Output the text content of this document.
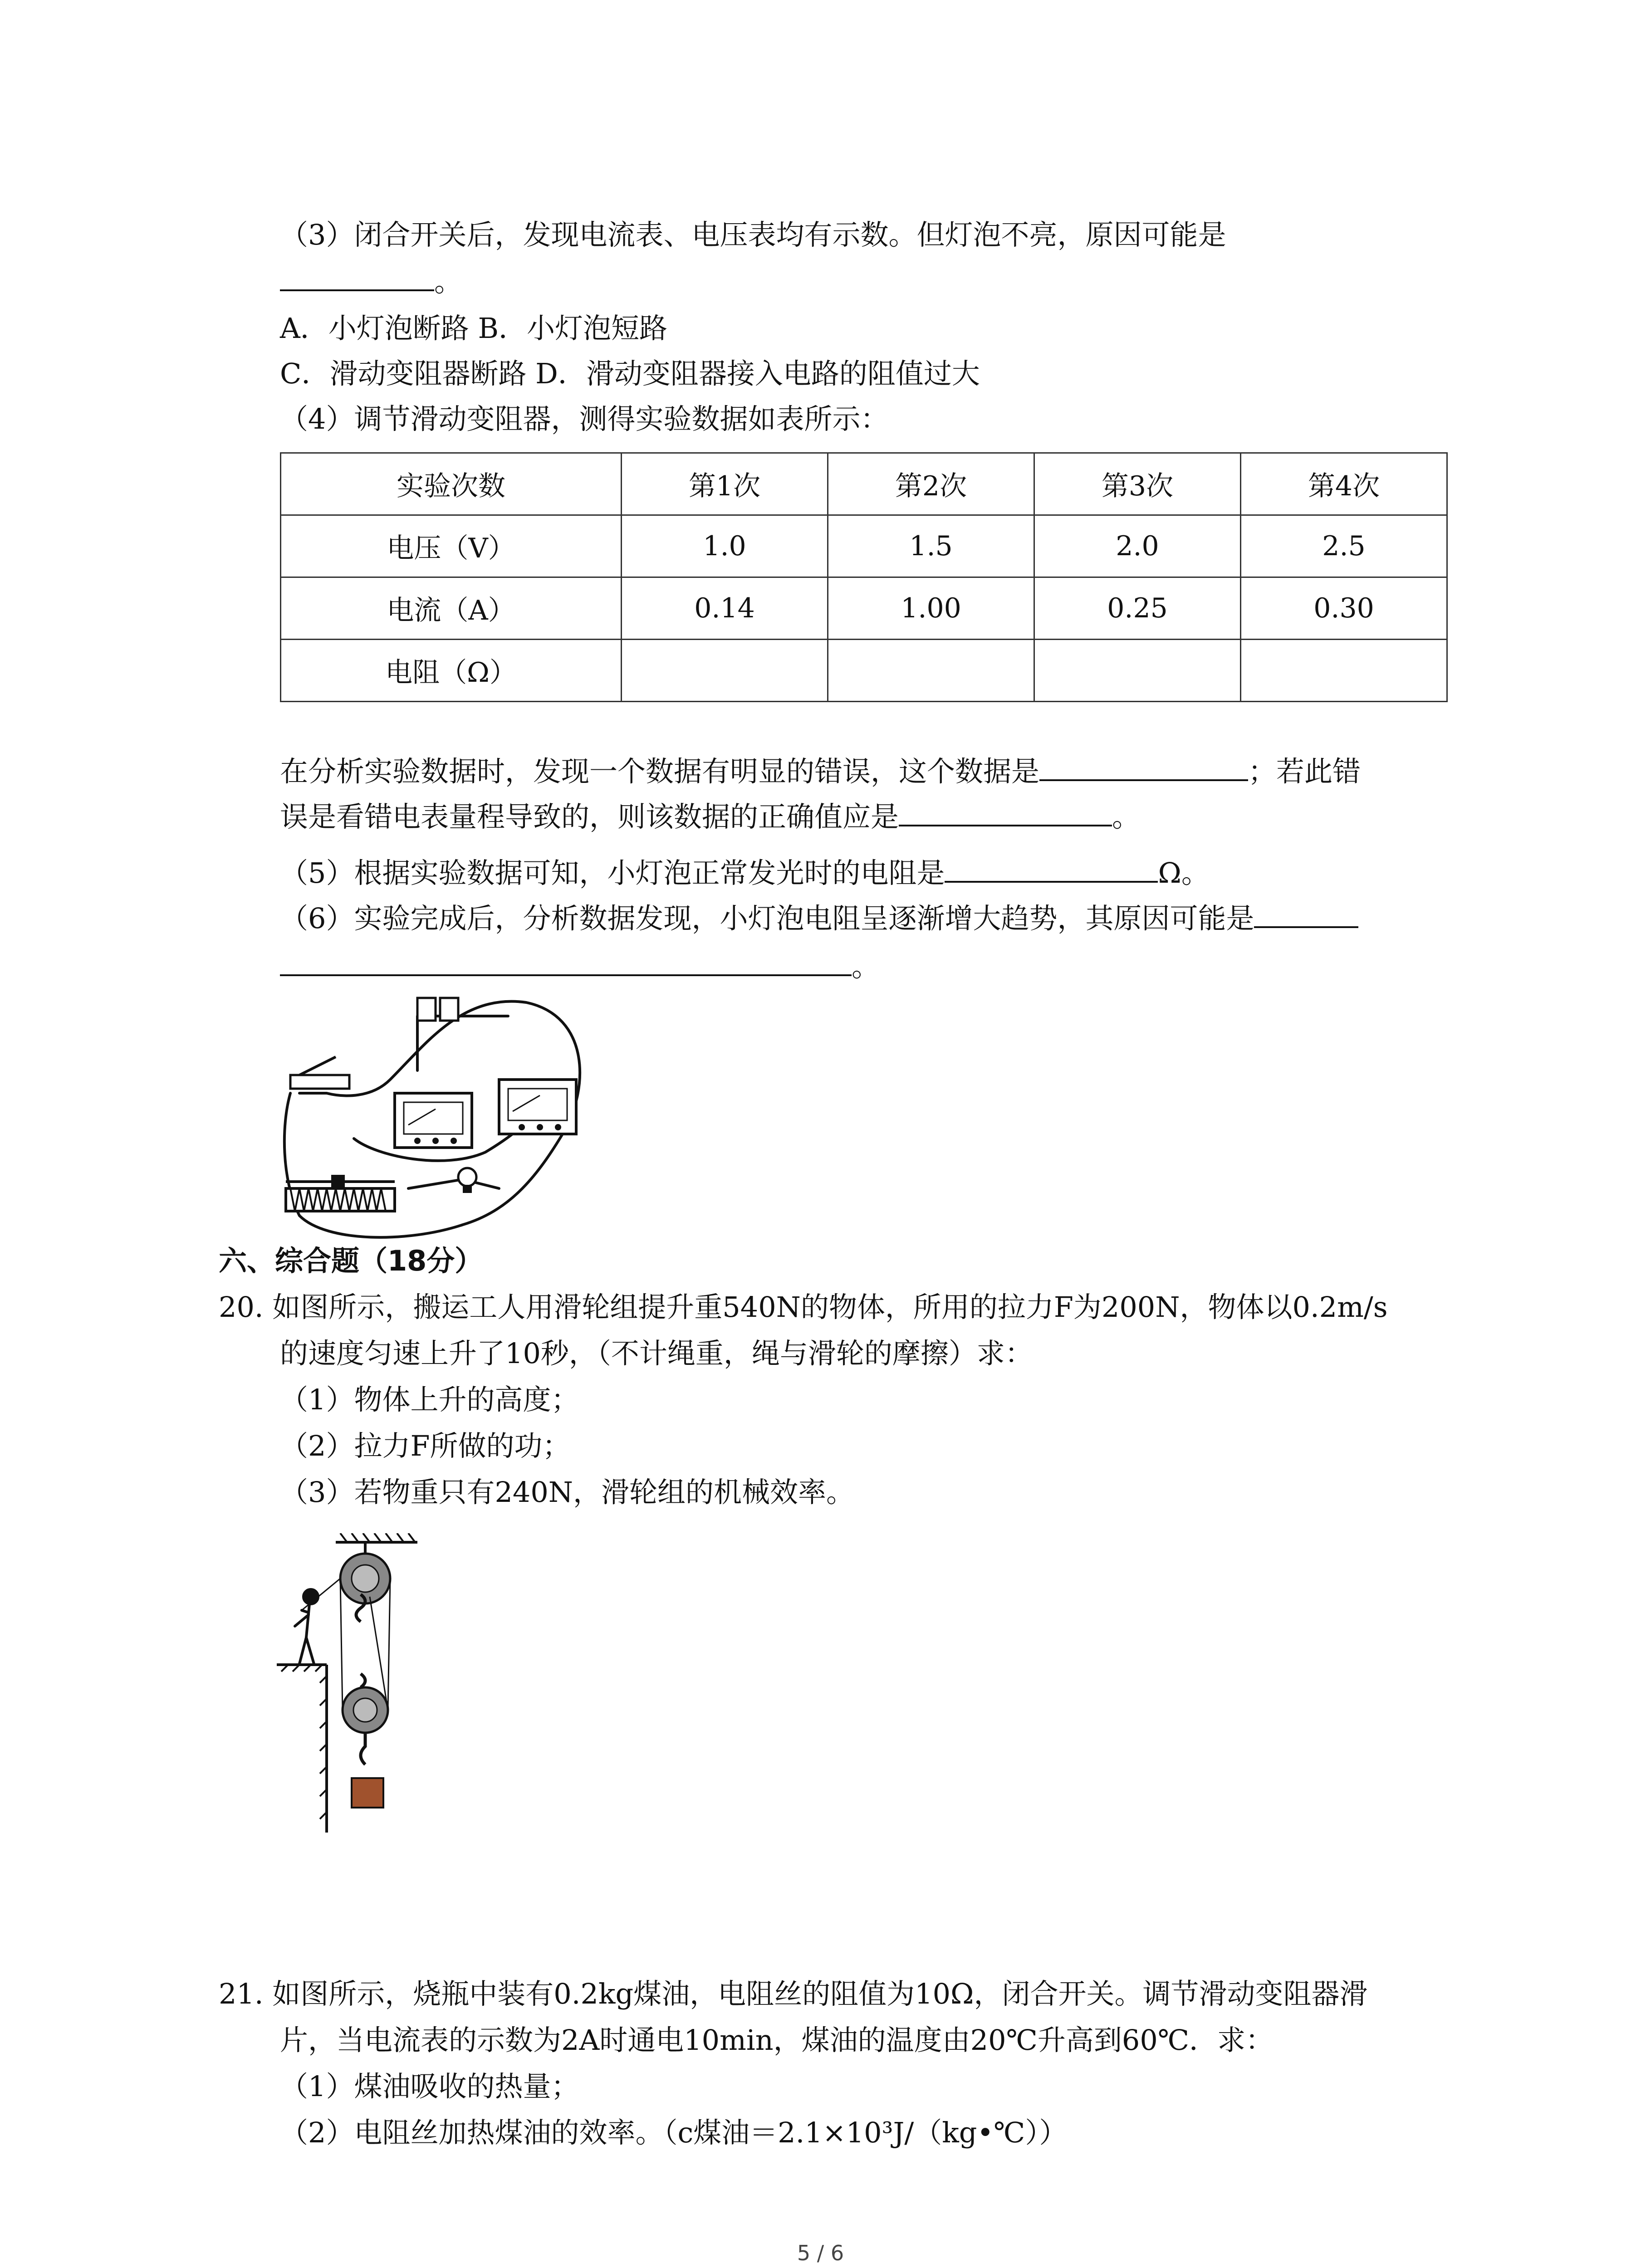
（3）闭合开关后，发现电流表、电压表均有示数。但灯泡不亮，原因可能是
。
A．小灯泡断路 B．小灯泡短路
C．滑动变阻器断路 D．滑动变阻器接入电路的阻值过大
（4）调节滑动变阻器，测得实验数据如表所示：
实验次数	第1次	第2次	第3次	第4次
电压（V）	1.0	1.5	2.0	2.5
电流（A）	0.14	1.00	0.25	0.30
电阻（Ω）				
在分析实验数据时，发现一个数据有明显的错误，这个数据是	；若此错
误是看错电表量程导致的，则该数据的正确值应是	。
（5）根据实验数据可知，小灯泡正常发光时的电阻是	Ω。
（6）实验完成后，分析数据发现，小灯泡电阻呈逐渐增大趋势，其原因可能是
。
六、综合题（18分）
20. 如图所示，搬运工人用滑轮组提升重540N的物体，所用的拉力F为200N，物体以0.2m/s
的速度匀速上升了10秒，（不计绳重，绳与滑轮的摩擦）求：
（1）物体上升的高度；
（2）拉力F所做的功；
（3）若物重只有240N，滑轮组的机械效率。
21. 如图所示，烧瓶中装有0.2kg煤油，电阻丝的阻值为10Ω，闭合开关。调节滑动变阻器滑
片，当电流表的示数为2A时通电10min，煤油的温度由20℃升高到60℃．求：
（1）煤油吸收的热量；
（2）电阻丝加热煤油的效率。（c煤油＝2.1×10³J/（kg•℃））
5 / 6
